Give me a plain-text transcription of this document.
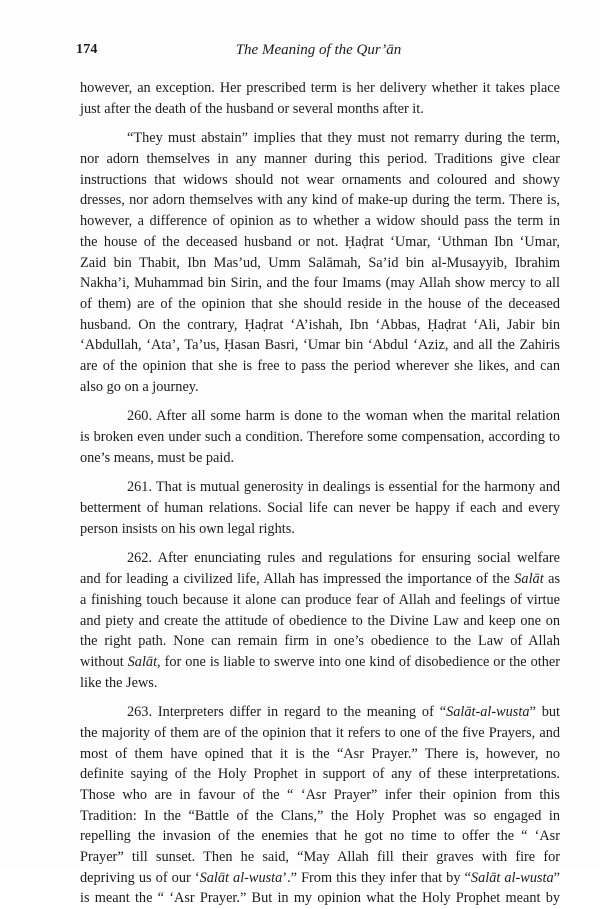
174	The Meaning of the Qur’ān
however, an exception. Her prescribed term is her delivery whether it takes place
just after the death of the husband or several months after it.
“They must abstain” implies that they must not remarry during the term,
nor adorn themselves in any manner during this period. Traditions give clear
instructions that widows should not wear ornaments and coloured and showy
dresses, nor adorn themselves with any kind of make-up during the term. There is,
however, a difference of opinion as to whether a widow should pass the term in
the house of the deceased husband or not. Ḥaḍrat ‘Umar, ‘Uthman Ibn ‘Umar,
Zaid bin Thabit, Ibn Mas’ud, Umm Salāmah, Sa’id bin al-Musayyib, Ibrahim
Nakha’i, Muhammad bin Sirin, and the four Imams (may Allah show mercy to all
of them) are of the opinion that she should reside in the house of the deceased
husband. On the contrary, Ḥaḍrat ‘A’ishah, Ibn ‘Abbas, Ḥaḍrat ‘Ali, Jabir bin
‘Abdullah, ‘Ata’, Ta’us, Ḥasan Basri, ‘Umar bin ‘Abdul ‘Aziz, and all the Zahiris
are of the opinion that she is free to pass the period wherever she likes, and can
also go on a journey.
260. After all some harm is done to the woman when the marital relation
is broken even under such a condition. Therefore some compensation, according to
one’s means, must be paid.
261. That is mutual generosity in dealings is essential for the harmony and
betterment of human relations. Social life can never be happy if each and every
person insists on his own legal rights.
262. After enunciating rules and regulations for ensuring social welfare
and for leading a civilized life, Allah has impressed the importance of the Salāt as
a finishing touch because it alone can produce fear of Allah and feelings of virtue
and piety and create the attitude of obedience to the Divine Law and keep one on
the right path. None can remain firm in one’s obedience to the Law of Allah
without Salāt, for one is liable to swerve into one kind of disobedience or the other
like the Jews.
263. Interpreters differ in regard to the meaning of “Salāt-al-wusta” but
the majority of them are of the opinion that it refers to one of the five Prayers, and
most of them have opined that it is the “Asr Prayer.” There is, however, no
definite saying of the Holy Prophet in support of any of these interpretations.
Those who are in favour of the “ ‘Asr Prayer” infer their opinion from this
Tradition: In the “Battle of the Clans,” the Holy Prophet was so engaged in
repelling the invasion of the enemies that he got no time to offer the “ ‘Asr
Prayer” till sunset. Then he said, “May Allah fill their graves with fire for
depriving us of our ‘Salāt al-wusta’.” From this they infer that by “Salāt al-wusta”
is meant the “ ‘Asr Prayer.” But in my opinion what the Holy Prophet meant by
